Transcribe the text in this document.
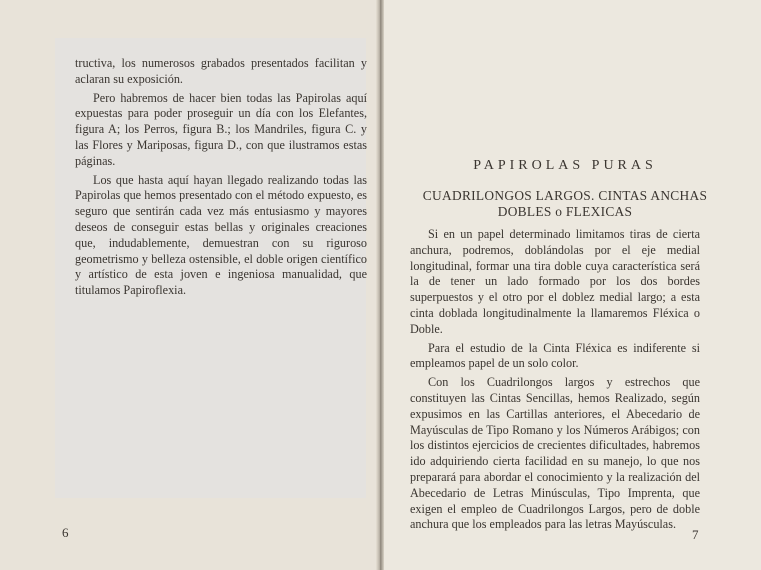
tructiva, los numerosos grabados presentados facilitan y aclaran su exposición.

Pero habremos de hacer bien todas las Papirolas aquí expuestas para poder proseguir un día con los Elefantes, figura A; los Perros, figura B.; los Mandriles, figura C. y las Flores y Mariposas, figura D., con que ilustramos estas páginas.

Los que hasta aquí hayan llegado realizando todas las Papirolas que hemos presentado con el método expuesto, es seguro que sentirán cada vez más entusiasmo y mayores deseos de conseguir estas bellas y originales creaciones que, indudablemente, demuestran con su riguroso geometrismo y belleza ostensible, el doble origen científico y artístico de esta joven e ingeniosa manualidad, que titulamos Papiroflexia.

6
PAPIROLAS PURAS
CUADRILONGOS LARGOS. CINTAS ANCHAS
DOBLES o FLEXICAS

Si en un papel determinado limitamos tiras de cierta anchura, podremos, doblándolas por el eje medial longitudinal, formar una tira doble cuya característica será la de tener un lado formado por los dos bordes superpuestos y el otro por el doblez medial largo; a esta cinta doblada longitudinalmente la llamaremos Fléxica o Doble.

Para el estudio de la Cinta Fléxica es indiferente si empleamos papel de un solo color.

Con los Cuadrilongos largos y estrechos que constituyen las Cintas Sencillas, hemos Realizado, según expusimos en las Cartillas anteriores, el Abecedario de Mayúsculas de Tipo Romano y los Números Arábigos; con los distintos ejercicios de crecientes dificultades, habremos ido adquiriendo cierta facilidad en su manejo, lo que nos preparará para abordar el conocimiento y la realización del Abecedario de Letras Minúsculas, Tipo Imprenta, que exigen el empleo de Cuadrilongos Largos, pero de doble anchura que los empleados para las letras Mayúsculas.

7
